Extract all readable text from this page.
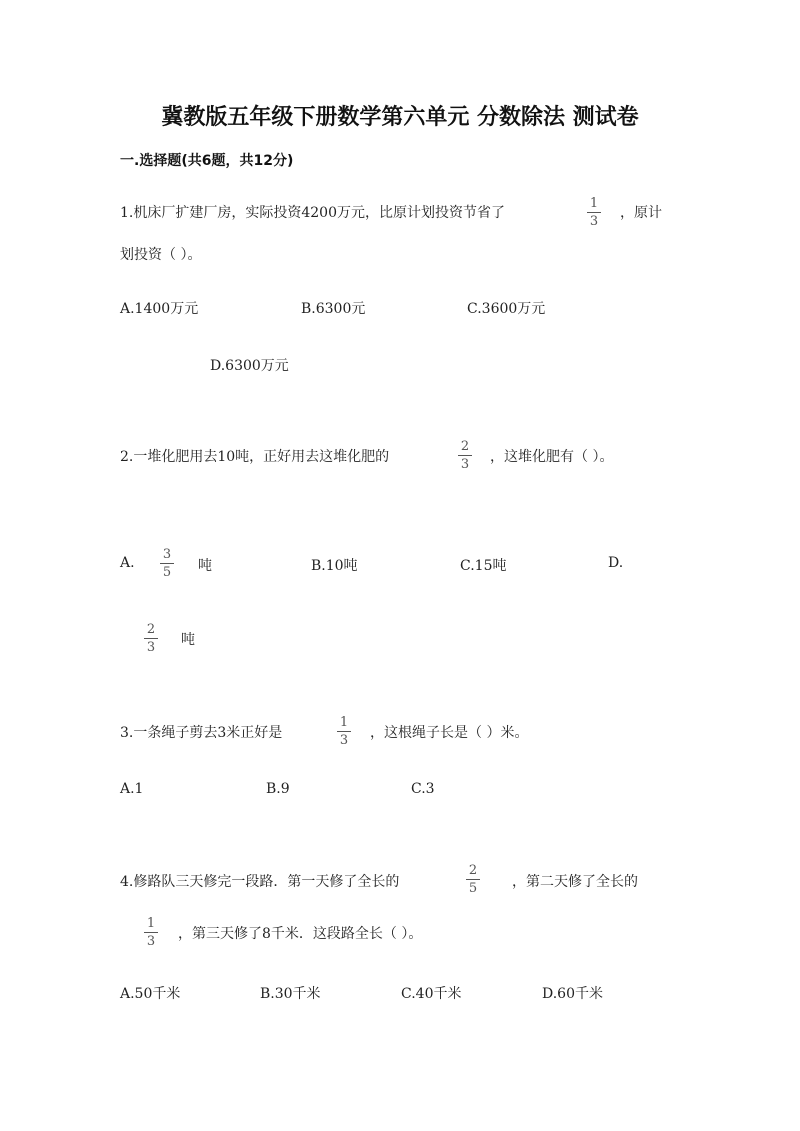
冀教版五年级下册数学第六单元 分数除法 测试卷
一.选择题(共6题，共12分)
1.机床厂扩建厂房，实际投资4200万元，比原计划投资节省了
1
3
，原计
划投资（ ）。
A.1400万元	B.6300元	C.3600万元
D.6300万元
2.一堆化肥用去10吨，正好用去这堆化肥的
2
3 ，这堆化肥有（ ）。
A.
3
5 吨	B.10吨	C.15吨	D.
2
3 吨
3.一条绳子剪去3米正好是
1
3 ，这根绳子长是（ ）米。
A.1	B.9	C.3
4.修路队三天修完一段路．第一天修了全长的
2
5 ，第二天修了全长的
1
3 ，第三天修了8千米．这段路全长（ ）。
A.50千米	B.30千米	C.40千米	D.60千米
